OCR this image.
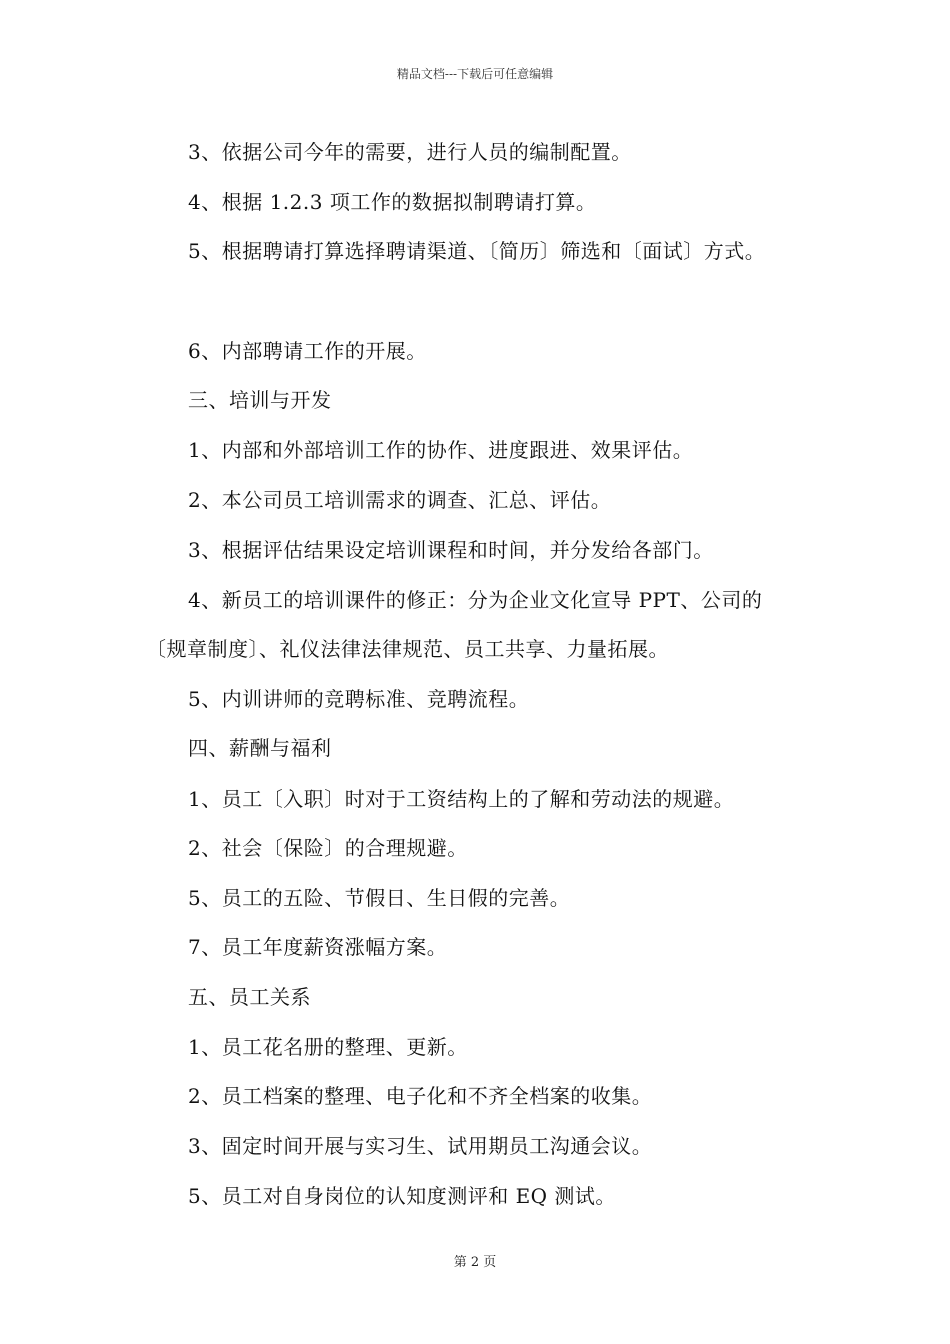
精品文档---下载后可任意编辑
3、依据公司今年的需要，进行人员的编制配置。
4、根据 1.2.3 项工作的数据拟制聘请打算。
5、根据聘请打算选择聘请渠道、〔简历〕筛选和〔面试〕方式。
6、内部聘请工作的开展。
三、培训与开发
1、内部和外部培训工作的协作、进度跟进、效果评估。
2、本公司员工培训需求的调查、汇总、评估。
3、根据评估结果设定培训课程和时间，并分发给各部门。
4、新员工的培训课件的修正：分为企业文化宣导 PPT、公司的
〔规章制度〕、礼仪法律法律规范、员工共享、力量拓展。
5、内训讲师的竞聘标准、竞聘流程。
四、薪酬与福利
1、员工〔入职〕时对于工资结构上的了解和劳动法的规避。
2、社会〔保险〕的合理规避。
5、员工的五险、节假日、生日假的完善。
7、员工年度薪资涨幅方案。
五、员工关系
1、员工花名册的整理、更新。
2、员工档案的整理、电子化和不齐全档案的收集。
3、固定时间开展与实习生、试用期员工沟通会议。
5、员工对自身岗位的认知度测评和 EQ 测试。
第 2 页
